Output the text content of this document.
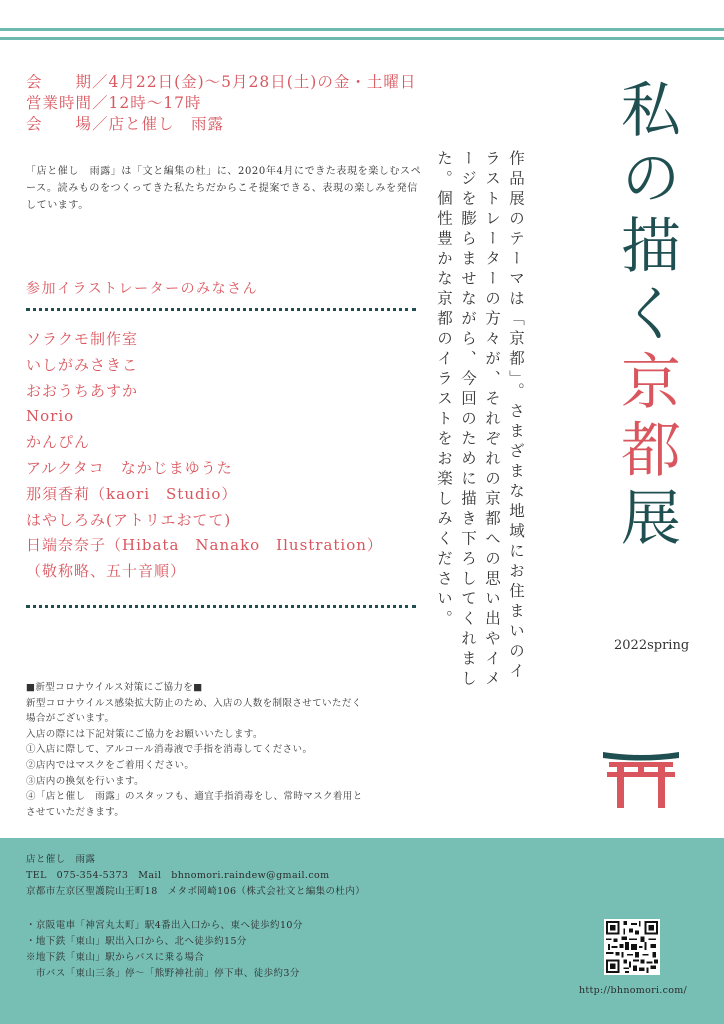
会　　期／4月22日(金)～5月28日(土)の金・土曜日
営業時間／12時～17時
会　　場／店と催し　雨露
「店と催し　雨露」は「文と編集の杜」に、2020年4月にできた表現を楽しむスペース。読みものをつくってきた私たちだからこそ提案できる、表現の楽しみを発信しています。
参加イラストレーターのみなさん
ソラクモ制作室
いしがみさきこ
おおうちあすか
Norio
かんぴん
アルクタコ　なかじまゆうた
那須香莉（kaori　Studio）
はやしろみ(アトリエおてて)
日端奈奈子（Hibata　Nanako　Ilustration）
（敬称略、五十音順）	作品展のテーマは「京都」。さまざまな地域にお住まいのイラストレーターの方々が、それぞれの京都への思い出やイメージを膨らませながら、今回のために描き下ろしてくれました。個性豊かな京都のイラストをお楽しみください。	私の描く京都展
2022spring
■新型コロナウイルス対策にご協力を■
新型コロナウイルス感染拡大防止のため、入店の人数を制限させていただく
場合がございます。
入店の際には下記対策にご協力をお願いいたします。
①入店に際して、アルコール消毒液で手指を消毒してください。
②店内ではマスクをご着用ください。
③店内の換気を行います。
④「店と催し　雨露」のスタッフも、適宜手指消毒をし、常時マスク着用と
させていただきます。
店と催し　雨露
TEL　075-354-5373　Mail　bhnomori.raindew@gmail.com
京都市左京区聖護院山王町18　メタボ岡崎106（株式会社文と編集の杜内）
・京阪電車「神宮丸太町」駅4番出入口から、東へ徒歩約10分
・地下鉄「東山」駅出入口から、北へ徒歩約15分
※地下鉄「東山」駅からバスに乗る場合
　市バス「東山三条」停～「熊野神社前」停下車、徒歩約3分
http://bhnomori.com/
